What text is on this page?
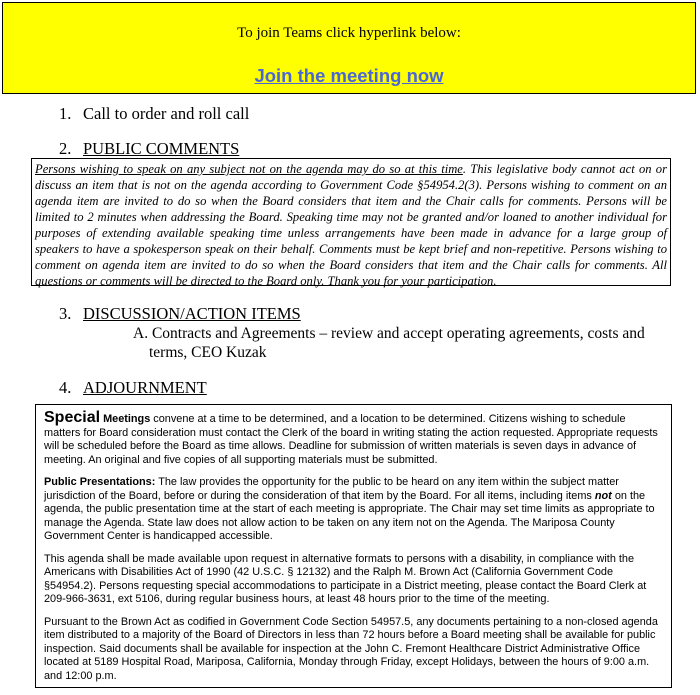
To join Teams click hyperlink below:
Join the meeting now
1. Call to order and roll call
2. PUBLIC COMMENTS
Persons wishing to speak on any subject not on the agenda may do so at this time. This legislative body cannot act on or discuss an item that is not on the agenda according to Government Code §54954.2(3). Persons wishing to comment on an agenda item are invited to do so when the Board considers that item and the Chair calls for comments. Persons will be limited to 2 minutes when addressing the Board. Speaking time may not be granted and/or loaned to another individual for purposes of extending available speaking time unless arrangements have been made in advance for a large group of speakers to have a spokesperson speak on their behalf. Comments must be kept brief and non-repetitive. Persons wishing to comment on agenda item are invited to do so when the Board considers that item and the Chair calls for comments. All questions or comments will be directed to the Board only. Thank you for your participation.
3. DISCUSSION/ACTION ITEMS
A. Contracts and Agreements – review and accept operating agreements, costs and
terms, CEO Kuzak
4. ADJOURNMENT

Special Meetings convene at a time to be determined, and a location to be determined. Citizens wishing to schedule matters for Board consideration must contact the Clerk of the board in writing stating the action requested. Appropriate requests will be scheduled before the Board as time allows. Deadline for submission of written materials is seven days in advance of meeting. An original and five copies of all supporting materials must be submitted.

Public Presentations: The law provides the opportunity for the public to be heard on any item within the subject matter jurisdiction of the Board, before or during the consideration of that item by the Board. For all items, including items not on the agenda, the public presentation time at the start of each meeting is appropriate. The Chair may set time limits as appropriate to manage the Agenda. State law does not allow action to be taken on any item not on the Agenda. The Mariposa County Government Center is handicapped accessible.

This agenda shall be made available upon request in alternative formats to persons with a disability, in compliance with the Americans with Disabilities Act of 1990 (42 U.S.C. § 12132) and the Ralph M. Brown Act (California Government Code §54954.2). Persons requesting special accommodations to participate in a District meeting, please contact the Board Clerk at 209-966-3631, ext 5106, during regular business hours, at least 48 hours prior to the time of the meeting.

Pursuant to the Brown Act as codified in Government Code Section 54957.5, any documents pertaining to a non-closed agenda item distributed to a majority of the Board of Directors in less than 72 hours before a Board meeting shall be available for public inspection. Said documents shall be available for inspection at the John C. Fremont Healthcare District Administrative Office located at 5189 Hospital Road, Mariposa, California, Monday through Friday, except Holidays, between the hours of 9:00 a.m. and 12:00 p.m.
